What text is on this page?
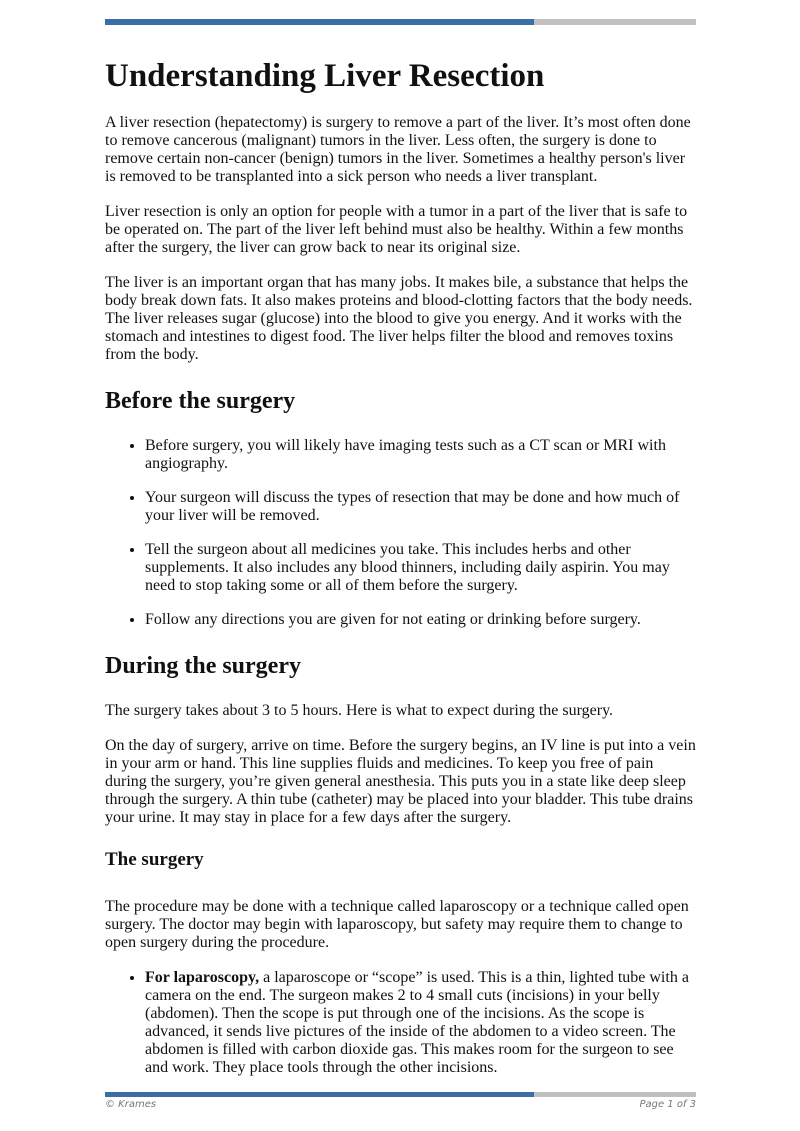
Understanding Liver Resection

A liver resection (hepatectomy) is surgery to remove a part of the liver. It’s most often done to remove cancerous (malignant) tumors in the liver. Less often, the surgery is done to remove certain non-cancer (benign) tumors in the liver. Sometimes a healthy person's liver is removed to be transplanted into a sick person who needs a liver transplant.

Liver resection is only an option for people with a tumor in a part of the liver that is safe to be operated on. The part of the liver left behind must also be healthy. Within a few months after the surgery, the liver can grow back to near its original size.

The liver is an important organ that has many jobs. It makes bile, a substance that helps the body break down fats. It also makes proteins and blood-clotting factors that the body needs. The liver releases sugar (glucose) into the blood to give you energy. And it works with the stomach and intestines to digest food. The liver helps filter the blood and removes toxins from the body.

Before the surgery
• Before surgery, you will likely have imaging tests such as a CT scan or MRI with angiography.
• Your surgeon will discuss the types of resection that may be done and how much of your liver will be removed.
• Tell the surgeon about all medicines you take. This includes herbs and other supplements. It also includes any blood thinners, including daily aspirin. You may need to stop taking some or all of them before the surgery.
• Follow any directions you are given for not eating or drinking before surgery.
During the surgery

The surgery takes about 3 to 5 hours. Here is what to expect during the surgery.

On the day of surgery, arrive on time. Before the surgery begins, an IV line is put into a vein in your arm or hand. This line supplies fluids and medicines. To keep you free of pain during the surgery, you’re given general anesthesia. This puts you in a state like deep sleep through the surgery. A thin tube (catheter) may be placed into your bladder. This tube drains your urine. It may stay in place for a few days after the surgery.

The surgery

The procedure may be done with a technique called laparoscopy or a technique called open surgery. The doctor may begin with laparoscopy, but safety may require them to change to open surgery during the procedure.

• For laparoscopy, a laparoscope or “scope” is used. This is a thin, lighted tube with a camera on the end. The surgeon makes 2 to 4 small cuts (incisions) in your belly (abdomen). Then the scope is put through one of the incisions. As the scope is advanced, it sends live pictures of the inside of the abdomen to a video screen. The abdomen is filled with carbon dioxide gas. This makes room for the surgeon to see and work. They place tools through the other incisions.
© Krames	Page 1 of 3
